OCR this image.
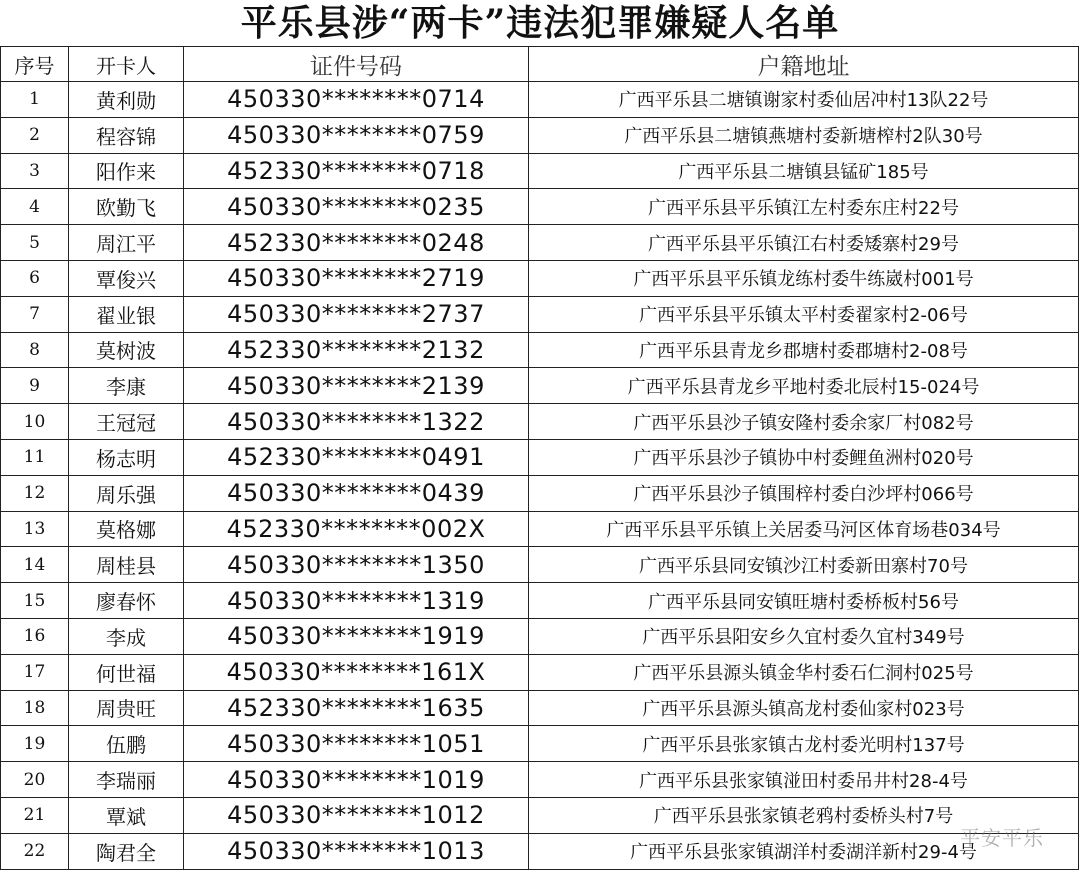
平乐县涉“两卡”违法犯罪嫌疑人名单
序号	开卡人	证件号码	户籍地址
1	黄利勋	450330********0714	广西平乐县二塘镇谢家村委仙居冲村13队22号
2	程容锦	450330********0759	广西平乐县二塘镇燕塘村委新塘榨村2队30号
3	阳作来	452330********0718	广西平乐县二塘镇县锰矿185号
4	欧勤飞	450330********0235	广西平乐县平乐镇江左村委东庄村22号
5	周江平	452330********0248	广西平乐县平乐镇江右村委矮寨村29号
6	覃俊兴	450330********2719	广西平乐县平乐镇龙练村委牛练崴村001号
7	翟业银	450330********2737	广西平乐县平乐镇太平村委翟家村2-06号
8	莫树波	452330********2132	广西平乐县青龙乡郡塘村委郡塘村2-08号
9	李康	450330********2139	广西平乐县青龙乡平地村委北辰村15-024号
10	王冠冠	450330********1322	广西平乐县沙子镇安隆村委余家厂村082号
11	杨志明	452330********0491	广西平乐县沙子镇协中村委鲤鱼洲村020号
12	周乐强	450330********0439	广西平乐县沙子镇围梓村委白沙坪村066号
13	莫格娜	452330********002X	广西平乐县平乐镇上关居委马河区体育场巷034号
14	周桂县	450330********1350	广西平乐县同安镇沙江村委新田寨村70号
15	廖春怀	450330********1319	广西平乐县同安镇旺塘村委桥板村56号
16	李成	450330********1919	广西平乐县阳安乡久宜村委久宜村349号
17	何世福	450330********161X	广西平乐县源头镇金华村委石仁洞村025号
18	周贵旺	452330********1635	广西平乐县源头镇高龙村委仙家村023号
19	伍鹏	450330********1051	广西平乐县张家镇古龙村委光明村137号
20	李瑞丽	450330********1019	广西平乐县张家镇湴田村委吊井村28-4号
21	覃斌	450330********1012	广西平乐县张家镇老鸦村委桥头村7号
22	陶君全	450330********1013	广西平乐县张家镇湖洋村委湖洋新村29-4号
平安平乐
